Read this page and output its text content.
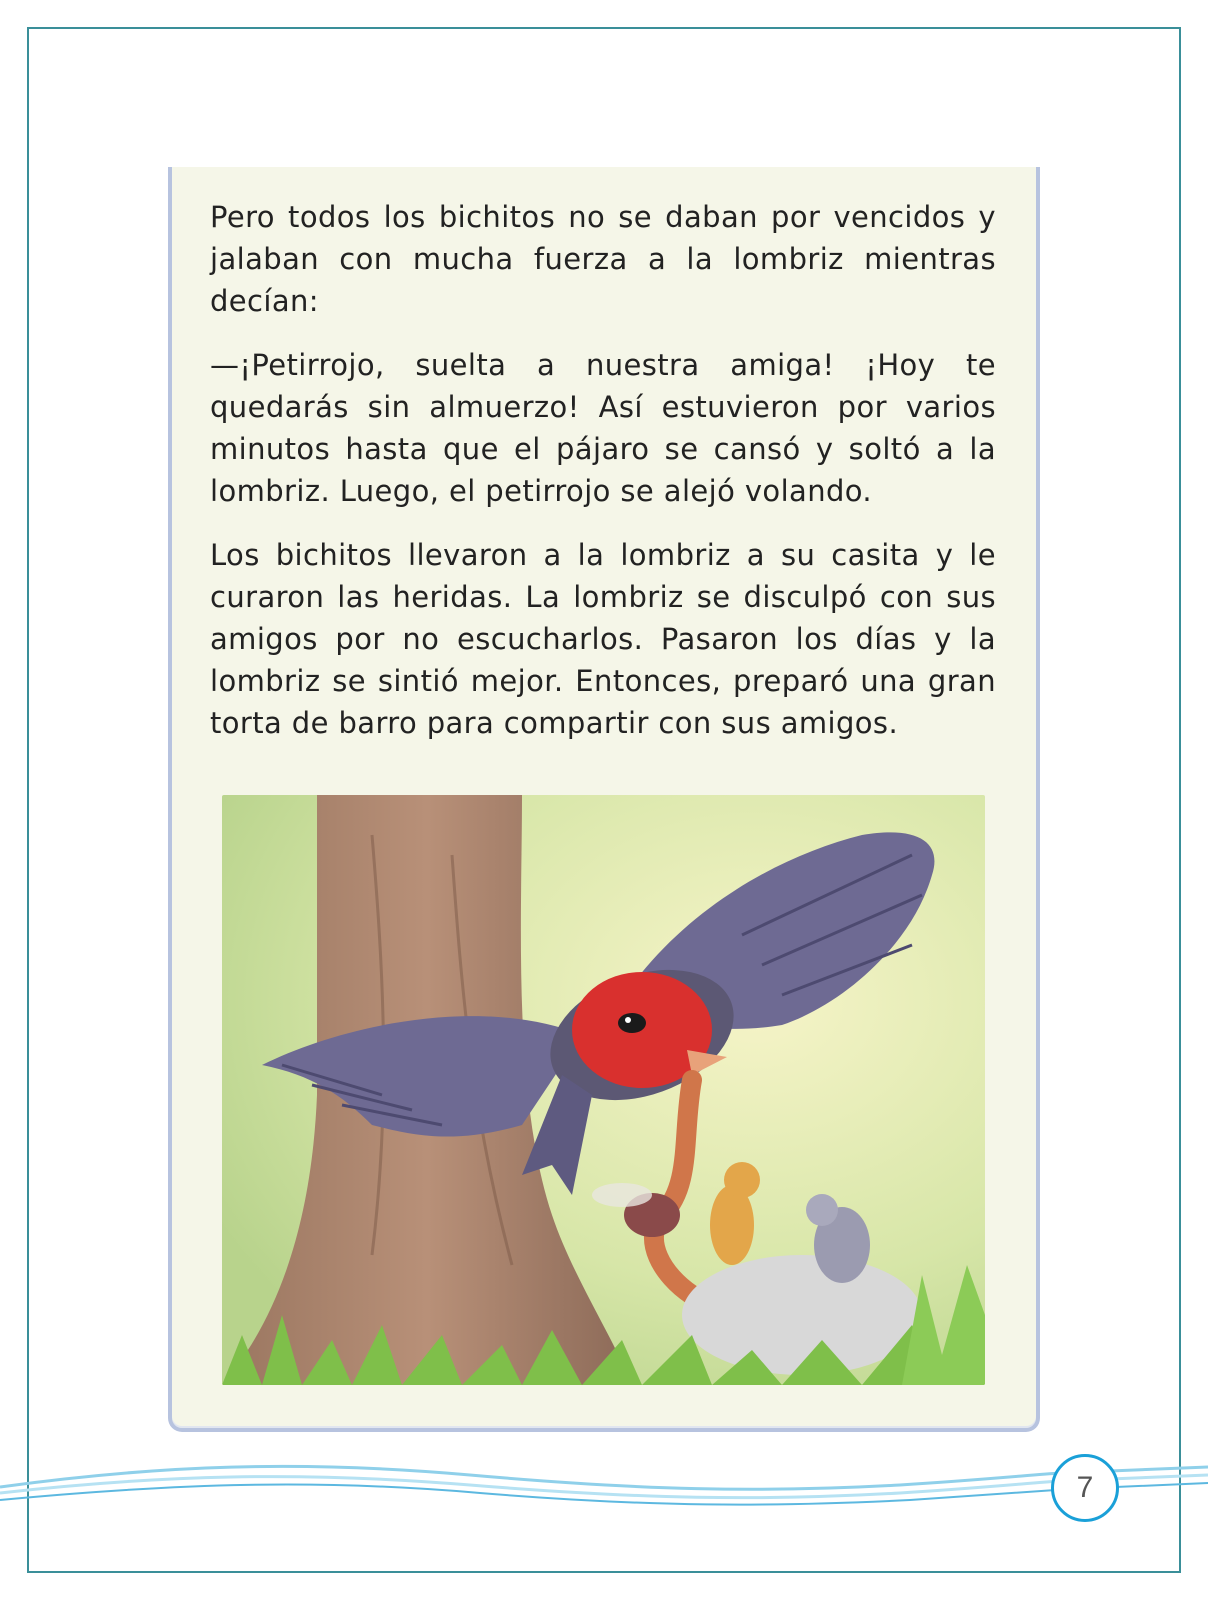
Pero todos los bichitos no se daban por vencidos y jalaban con mucha fuerza a la lombriz mientras decían:

—¡Petirrojo, suelta a nuestra amiga! ¡Hoy te quedarás sin almuerzo! Así estuvieron por varios minutos hasta que el pájaro se cansó y soltó a la lombriz. Luego, el petirrojo se alejó volando.

Los bichitos llevaron a la lombriz a su casita y le curaron las heridas. La lombriz se disculpó con sus amigos por no escucharlos. Pasaron los días y la lombriz se sintió mejor. Entonces, preparó una gran torta de barro para compartir con sus amigos.

7
